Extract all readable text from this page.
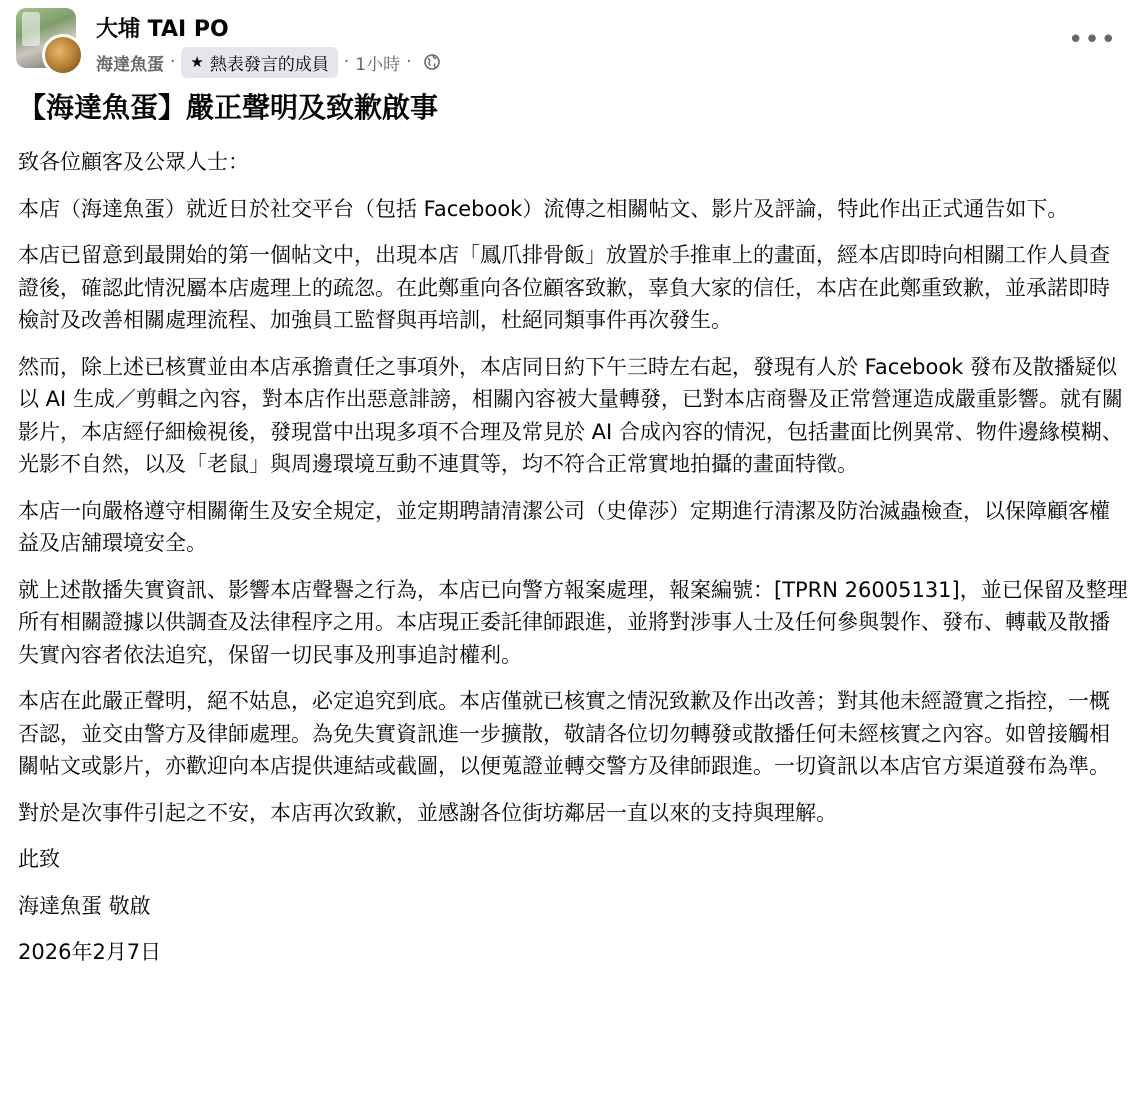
大埔 TAI PO
海達魚蛋 · ★ 熱表發言的成員 · 1小時 ·
•••
【海達魚蛋】嚴正聲明及致歉啟事

致各位顧客及公眾人士：

本店（海達魚蛋）就近日於社交平台（包括 Facebook）流傳之相關帖文、影片及評論，特此作出正式通告如下。

本店已留意到最開始的第一個帖文中，出現本店「鳳爪排骨飯」放置於手推車上的畫面，經本店即時向相關工作人員查證後，確認此情況屬本店處理上的疏忽。在此鄭重向各位顧客致歉，辜負大家的信任，本店在此鄭重致歉，並承諾即時檢討及改善相關處理流程、加強員工監督與再培訓，杜絕同類事件再次發生。

然而，除上述已核實並由本店承擔責任之事項外，本店同日約下午三時左右起，發現有人於 Facebook 發布及散播疑似以 AI 生成／剪輯之內容，對本店作出惡意誹謗，相關內容被大量轉發，已對本店商譽及正常營運造成嚴重影響。就有關影片，本店經仔細檢視後，發現當中出現多項不合理及常見於 AI 合成內容的情況，包括畫面比例異常、物件邊緣模糊、光影不自然，以及「老鼠」與周邊環境互動不連貫等，均不符合正常實地拍攝的畫面特徵。

本店一向嚴格遵守相關衛生及安全規定，並定期聘請清潔公司（史偉莎）定期進行清潔及防治滅蟲檢查，以保障顧客權益及店舖環境安全。

就上述散播失實資訊、影響本店聲譽之行為，本店已向警方報案處理，報案編號：[TPRN 26005131]，並已保留及整理所有相關證據以供調查及法律程序之用。本店現正委託律師跟進，並將對涉事人士及任何參與製作、發布、轉載及散播失實內容者依法追究，保留一切民事及刑事追討權利。

本店在此嚴正聲明，絕不姑息，必定追究到底。本店僅就已核實之情況致歉及作出改善；對其他未經證實之指控，一概否認，並交由警方及律師處理。為免失實資訊進一步擴散，敬請各位切勿轉發或散播任何未經核實之內容。如曾接觸相關帖文或影片，亦歡迎向本店提供連結或截圖，以便蒐證並轉交警方及律師跟進。一切資訊以本店官方渠道發布為準。

對於是次事件引起之不安，本店再次致歉，並感謝各位街坊鄰居一直以來的支持與理解。

此致

海達魚蛋 敬啟

2026年2月7日
